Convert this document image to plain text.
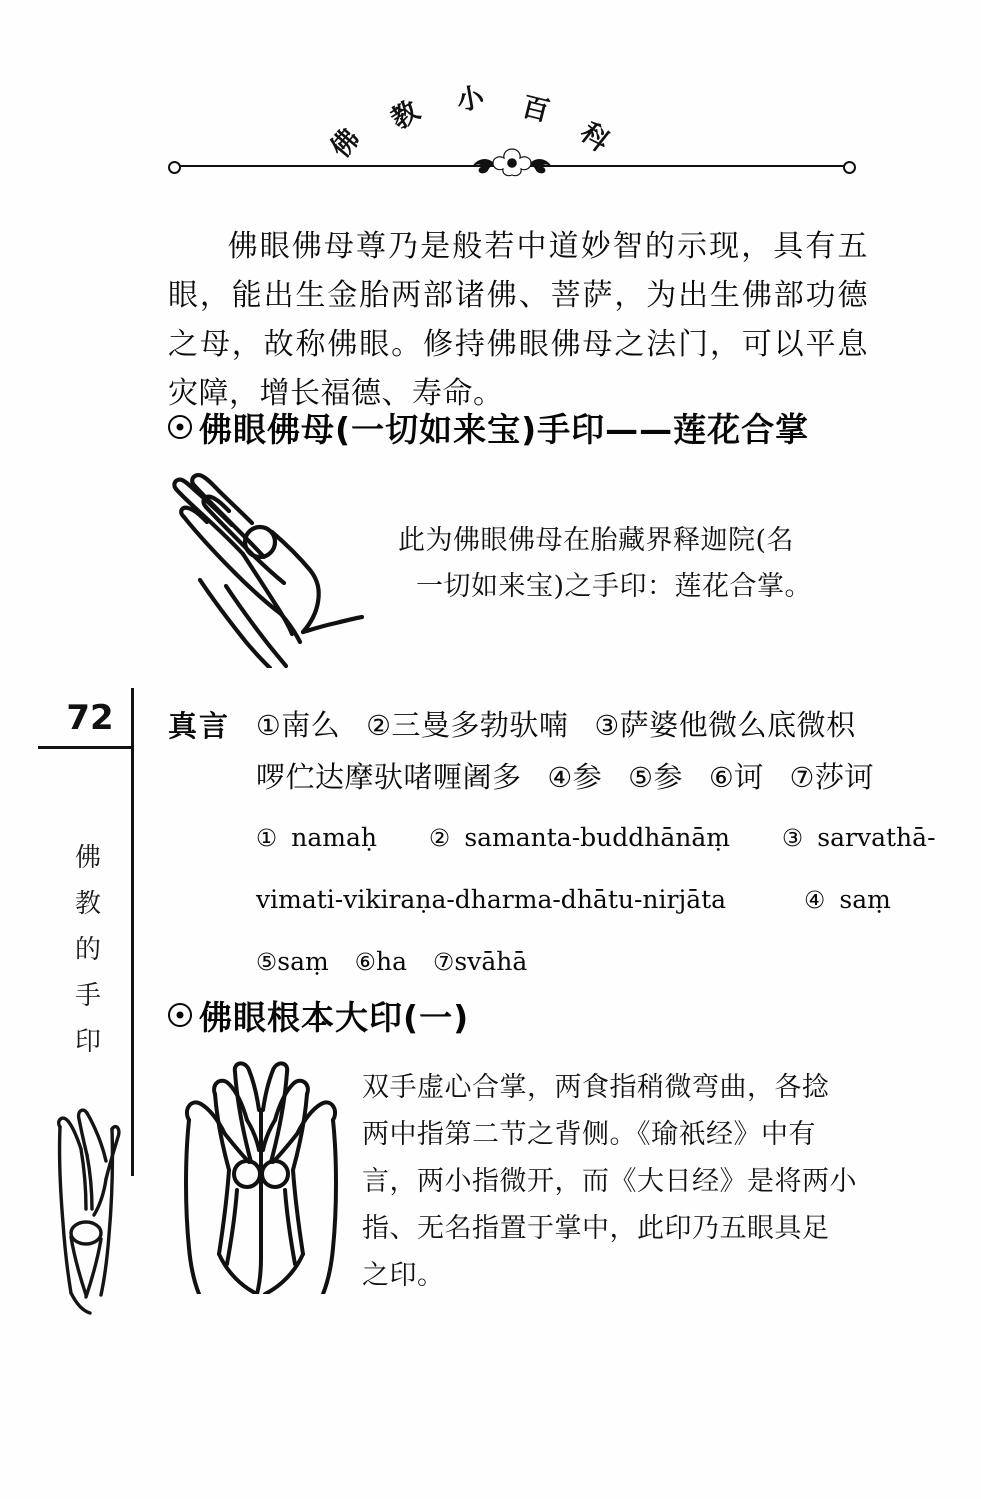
佛
教 小 百
科

佛眼佛母尊乃是般若中道妙智的示现，具有五眼，能出生金胎两部诸佛、菩萨，为出生佛部功德之母，故称佛眼。修持佛眼佛母之法门，可以平息灾障，增长福德、寿命。

佛眼佛母(一切如来宝)手印——莲花合掌
此为佛眼佛母在胎藏界释迦院(名
一切如来宝)之手印：莲花合掌。
72
佛
教
的
手
印
真言 ①南么 ②三曼多勃驮喃 ③萨婆他微么底微枳
啰伫达摩驮啫喱阇多 ④参 ⑤参 ⑥诃 ⑦莎诃
① namaḥ ② samanta-buddhānāṃ ③ sarvathā-
vimati-vikiraṇa-dharma-dhātu-nirjāta	④ saṃ
⑤saṃ ⑥ha ⑦svāhā
佛眼根本大印(一)
双手虚心合掌，两食指稍微弯曲，各捻
两中指第二节之背侧。《瑜祇经》中有
言，两小指微开，而《大日经》是将两小
指、无名指置于掌中，此印乃五眼具足
之印。
